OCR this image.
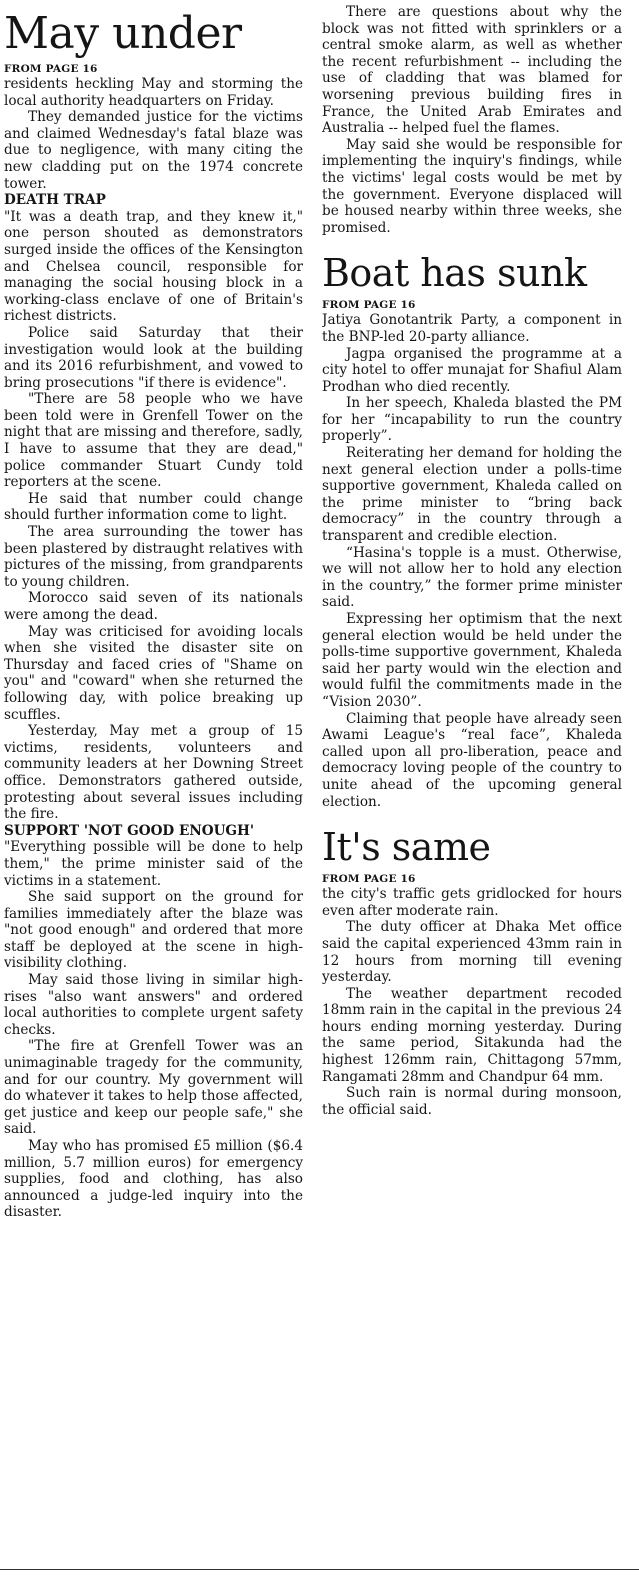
May under
FROM PAGE 16

residents heckling May and storming the local authority headquarters on Friday.

They demanded justice for the victims and claimed Wednesday's fatal blaze was due to negligence, with many citing the new cladding put on the 1974 concrete tower.

DEATH TRAP

"It was a death trap, and they knew it," one person shouted as demonstrators surged inside the offices of the Kensington and Chelsea council, responsible for managing the social housing block in a working-class enclave of one of Britain's richest districts.

Police said Saturday that their investigation would look at the building and its 2016 refurbishment, and vowed to bring prosecutions "if there is evidence".

"There are 58 people who we have been told were in Grenfell Tower on the night that are missing and therefore, sadly, I have to assume that they are dead," police commander Stuart Cundy told reporters at the scene.

He said that number could change should further information come to light.

The area surrounding the tower has been plastered by distraught relatives with pictures of the missing, from grandparents to young children.

Morocco said seven of its nationals were among the dead.

May was criticised for avoiding locals when she visited the disaster site on Thursday and faced cries of "Shame on you" and "coward" when she returned the following day, with police breaking up scuffles.

Yesterday, May met a group of 15 victims, residents, volunteers and community leaders at her Downing Street office. Demonstrators gathered outside, protesting about several issues including the fire.

SUPPORT 'NOT GOOD ENOUGH'

"Everything possible will be done to help them," the prime minister said of the victims in a statement.

She said support on the ground for families immediately after the blaze was "not good enough" and ordered that more staff be deployed at the scene in high-visibility clothing.

May said those living in similar high-rises "also want answers" and ordered local authorities to complete urgent safety checks.

"The fire at Grenfell Tower was an unimaginable tragedy for the community, and for our country. My government will do whatever it takes to help those affected, get justice and keep our people safe," she said.

May who has promised £5 million ($6.4 million, 5.7 million euros) for emergency supplies, food and clothing, has also announced a judge-led inquiry into the disaster.

There are questions about why the block was not fitted with sprinklers or a central smoke alarm, as well as whether the recent refurbishment -- including the use of cladding that was blamed for worsening previous building fires in France, the United Arab Emirates and Australia -- helped fuel the flames.

May said she would be responsible for implementing the inquiry's findings, while the victims' legal costs would be met by the government. Everyone displaced will be housed nearby within three weeks, she promised.

Boat has sunk
FROM PAGE 16

Jatiya Gonotantrik Party, a component in the BNP-led 20-party alliance.

Jagpa organised the programme at a city hotel to offer munajat for Shafiul Alam Prodhan who died recently.

In her speech, Khaleda blasted the PM for her “incapability to run the country properly”.

Reiterating her demand for holding the next general election under a polls-time supportive government, Khaleda called on the prime minister to “bring back democracy” in the country through a transparent and credible election.

“Hasina's topple is a must. Otherwise, we will not allow her to hold any election in the country,” the former prime minister said.

Expressing her optimism that the next general election would be held under the polls-time supportive government, Khaleda said her party would win the election and would fulfil the commitments made in the “Vision 2030”.

Claiming that people have already seen Awami League's “real face”, Khaleda called upon all pro-liberation, peace and democracy loving people of the country to unite ahead of the upcoming general election.

It's same
FROM PAGE 16

the city's traffic gets gridlocked for hours even after moderate rain.

The duty officer at Dhaka Met office said the capital experienced 43mm rain in 12 hours from morning till evening yesterday.

The weather department recoded 18mm rain in the capital in the previous 24 hours ending morning yesterday. During the same period, Sitakunda had the highest 126mm rain, Chittagong 57mm, Rangamati 28mm and Chandpur 64 mm.

Such rain is normal during monsoon, the official said.
